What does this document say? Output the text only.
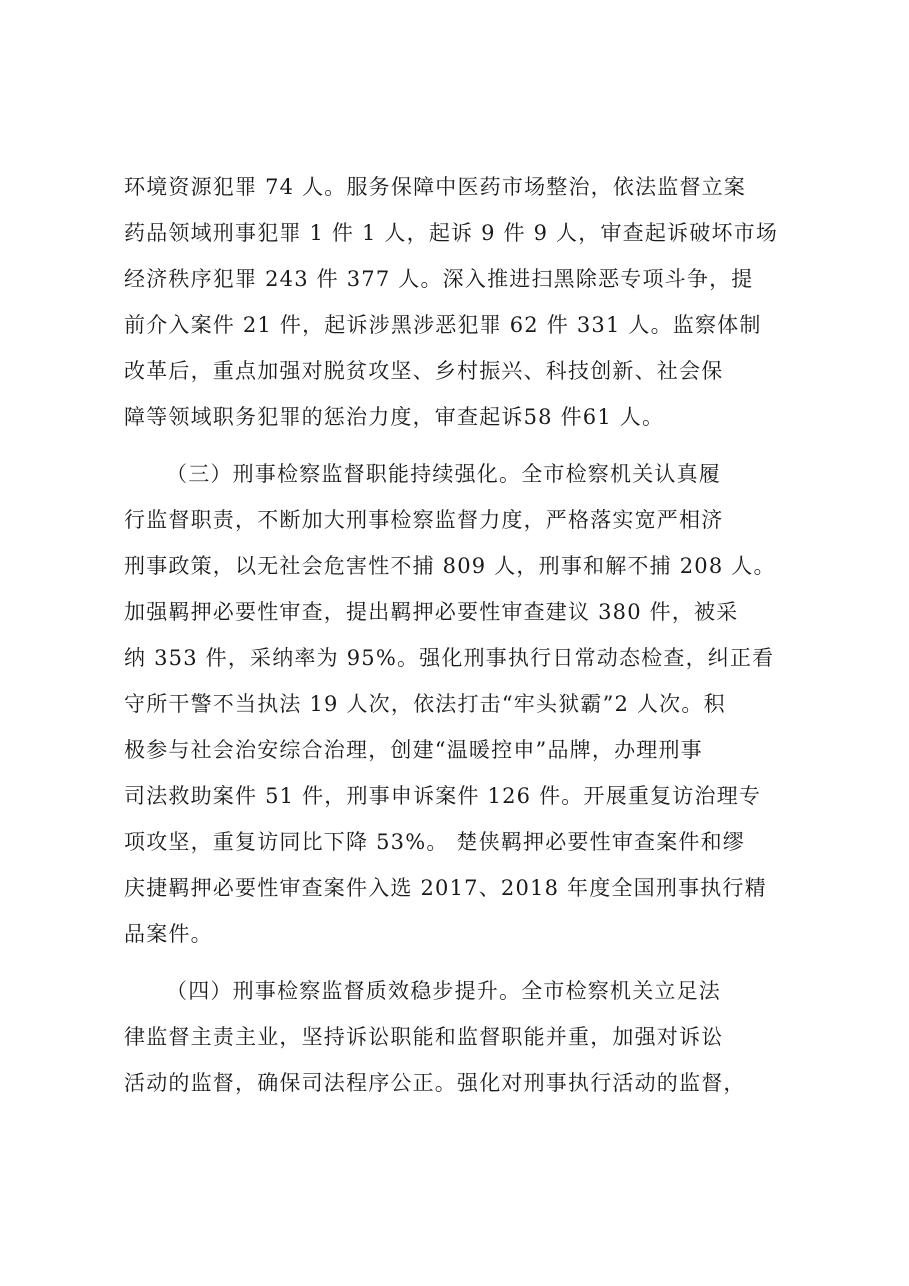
环境资源犯罪 74 人。服务保障中医药市场整治，依法监督立案
药品领域刑事犯罪 1 件 1 人，起诉 9 件 9 人，审查起诉破坏市场
经济秩序犯罪 243 件 377 人。深入推进扫黑除恶专项斗争，提
前介入案件 21 件，起诉涉黑涉恶犯罪 62 件 331 人。监察体制
改革后，重点加强对脱贫攻坚、乡村振兴、科技创新、社会保
障等领域职务犯罪的惩治力度，审查起诉58 件61 人。
（三）刑事检察监督职能持续强化。全市检察机关认真履
行监督职责，不断加大刑事检察监督力度，严格落实宽严相济
刑事政策，以无社会危害性不捕 809 人，刑事和解不捕 208 人。
加强羁押必要性审查，提出羁押必要性审查建议 380 件，被采
纳 353 件，采纳率为 95%。强化刑事执行日常动态检查，纠正看
守所干警不当执法 19 人次，依法打击“牢头狱霸”2 人次。积
极参与社会治安综合治理，创建“温暖控申”品牌，办理刑事
司法救助案件 51 件，刑事申诉案件 126 件。开展重复访治理专
项攻坚，重复访同比下降 53%。 楚侠羁押必要性审查案件和缪
庆捷羁押必要性审查案件入选 2017、2018 年度全国刑事执行精
品案件。
（四）刑事检察监督质效稳步提升。全市检察机关立足法
律监督主责主业，坚持诉讼职能和监督职能并重，加强对诉讼
活动的监督，确保司法程序公正。强化对刑事执行活动的监督，
